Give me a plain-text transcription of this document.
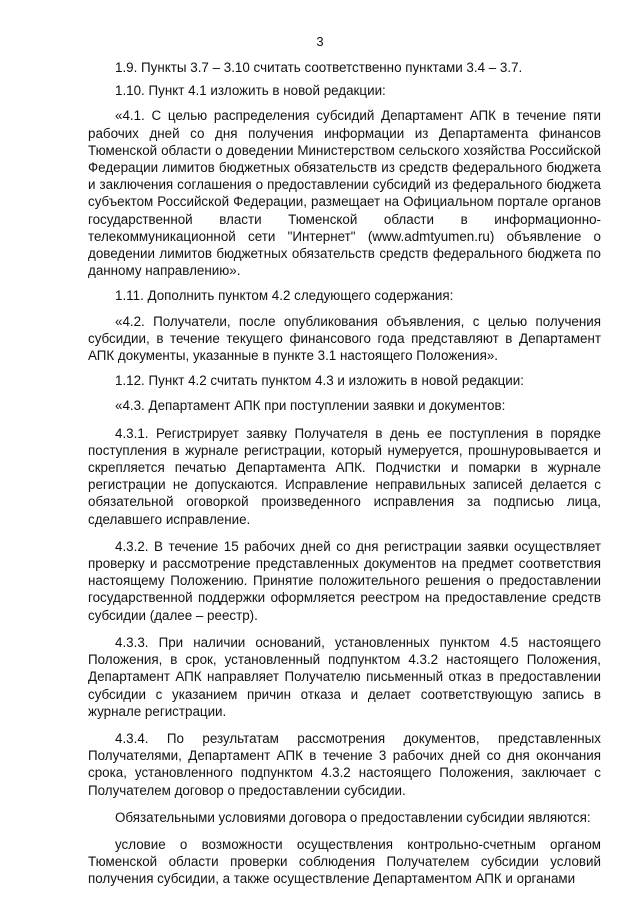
3

1.9. Пункты 3.7 – 3.10 считать соответственно пунктами 3.4 – 3.7.

1.10. Пункт 4.1 изложить в новой редакции:

«4.1. С целью распределения субсидий Департамент АПК в течение пяти рабочих дней со дня получения информации из Департамента финансов Тюменской области о доведении Министерством сельского хозяйства Российской Федерации лимитов бюджетных обязательств из средств федерального бюджета и заключения соглашения о предоставлении субсидий из федерального бюджета субъектом Российской Федерации, размещает на Официальном портале органов государственной власти Тюменской области в информационно-телекоммуникационной сети "Интернет" (www.admtyumen.ru) объявление о доведении лимитов бюджетных обязательств средств федерального бюджета по данному направлению».

1.11. Дополнить пунктом 4.2 следующего содержания:

«4.2. Получатели, после опубликования объявления, с целью получения субсидии, в течение текущего финансового года представляют в Департамент АПК документы, указанные в пункте 3.1 настоящего Положения».

1.12. Пункт 4.2 считать пунктом 4.3 и изложить в новой редакции:

«4.3. Департамент АПК при поступлении заявки и документов:

4.3.1. Регистрирует заявку Получателя в день ее поступления в порядке поступления в журнале регистрации, который нумеруется, прошнуровывается и скрепляется печатью Департамента АПК. Подчистки и помарки в журнале регистрации не допускаются. Исправление неправильных записей делается с обязательной оговоркой произведенного исправления за подписью лица, сделавшего исправление.

4.3.2. В течение 15 рабочих дней со дня регистрации заявки осуществляет проверку и рассмотрение представленных документов на предмет соответствия настоящему Положению. Принятие положительного решения о предоставлении государственной поддержки оформляется реестром на предоставление средств субсидии (далее – реестр).

4.3.3. При наличии оснований, установленных пунктом 4.5 настоящего Положения, в срок, установленный подпунктом 4.3.2 настоящего Положения, Департамент АПК направляет Получателю письменный отказ в предоставлении субсидии с указанием причин отказа и делает соответствующую запись в журнале регистрации.

4.3.4. По результатам рассмотрения документов, представленных Получателями, Департамент АПК в течение 3 рабочих дней со дня окончания срока, установленного подпунктом 4.3.2 настоящего Положения, заключает с Получателем договор о предоставлении субсидии.

Обязательными условиями договора о предоставлении субсидии являются:

условие о возможности осуществления контрольно-счетным органом Тюменской области проверки соблюдения Получателем субсидии условий получения субсидии, а также осуществление Департаментом АПК и органами
